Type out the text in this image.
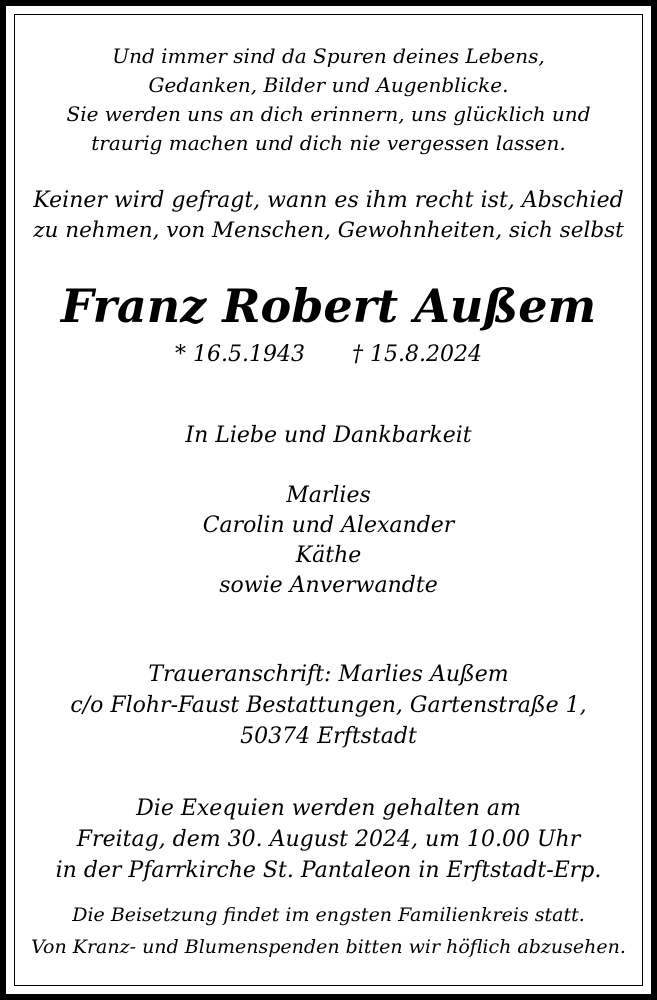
Und immer sind da Spuren deines Lebens,
Gedanken, Bilder und Augenblicke.
Sie werden uns an dich erinnern, uns glücklich und
traurig machen und dich nie vergessen lassen.
Keiner wird gefragt, wann es ihm recht ist, Abschied
zu nehmen, von Menschen, Gewohnheiten, sich selbst
Franz Robert Außem
* 16.5.1943 † 15.8.2024
In Liebe und Dankbarkeit
Marlies
Carolin und Alexander
Käthe
sowie Anverwandte
Traueranschrift: Marlies Außem
c/o Flohr-Faust Bestattungen, Gartenstraße 1,
50374 Erftstadt
Die Exequien werden gehalten am
Freitag, dem 30. August 2024, um 10.00 Uhr
in der Pfarrkirche St. Pantaleon in Erftstadt-Erp.
Die Beisetzung findet im engsten Familienkreis statt.
Von Kranz- und Blumenspenden bitten wir höflich abzusehen.
